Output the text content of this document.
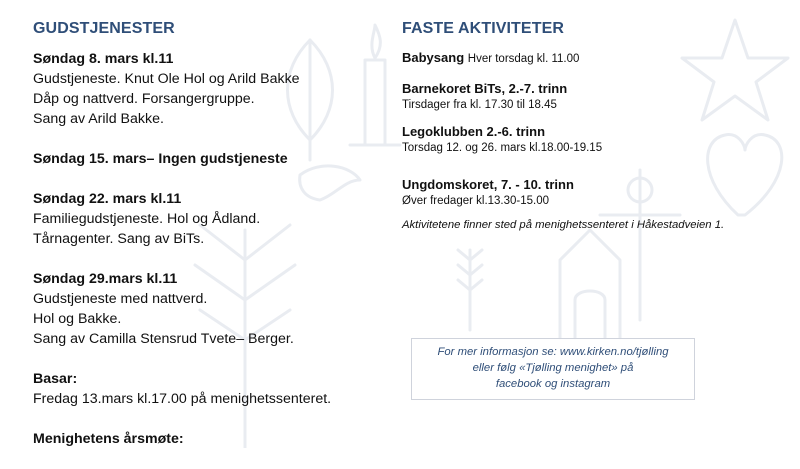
GUDSTJENESTER
Søndag 8. mars kl.11
Gudstjeneste. Knut Ole Hol og Arild Bakke
Dåp og nattverd. Forsangergruppe.
Sang av Arild Bakke.
Søndag 15. mars– Ingen gudstjeneste
Søndag 22. mars kl.11
Familiegudstjeneste. Hol og Ådland.
Tårnagenter. Sang av BiTs.
Søndag 29.mars kl.11
Gudstjeneste med nattverd.
Hol og Bakke.
Sang av Camilla Stensrud Tvete– Berger.
Basar:
Fredag 13.mars kl.17.00 på menighetssenteret.
Menighetens årsmøte:
FASTE AKTIVITETER
Babysang Hver torsdag kl. 11.00
Barnekoret BiTs, 2.-7. trinn
Tirsdager fra kl. 17.30 til 18.45
Legoklubben 2.-6. trinn
Torsdag 12. og 26. mars kl.18.00-19.15
Ungdomskoret, 7. - 10. trinn
Øver fredager kl.13.30-15.00
Aktivitetene finner sted på menighetssenteret i Håkestadveien 1.
For mer informasjon se: www.kirken.no/tjølling
eller følg «Tjølling menighet» på
facebook og instagram
